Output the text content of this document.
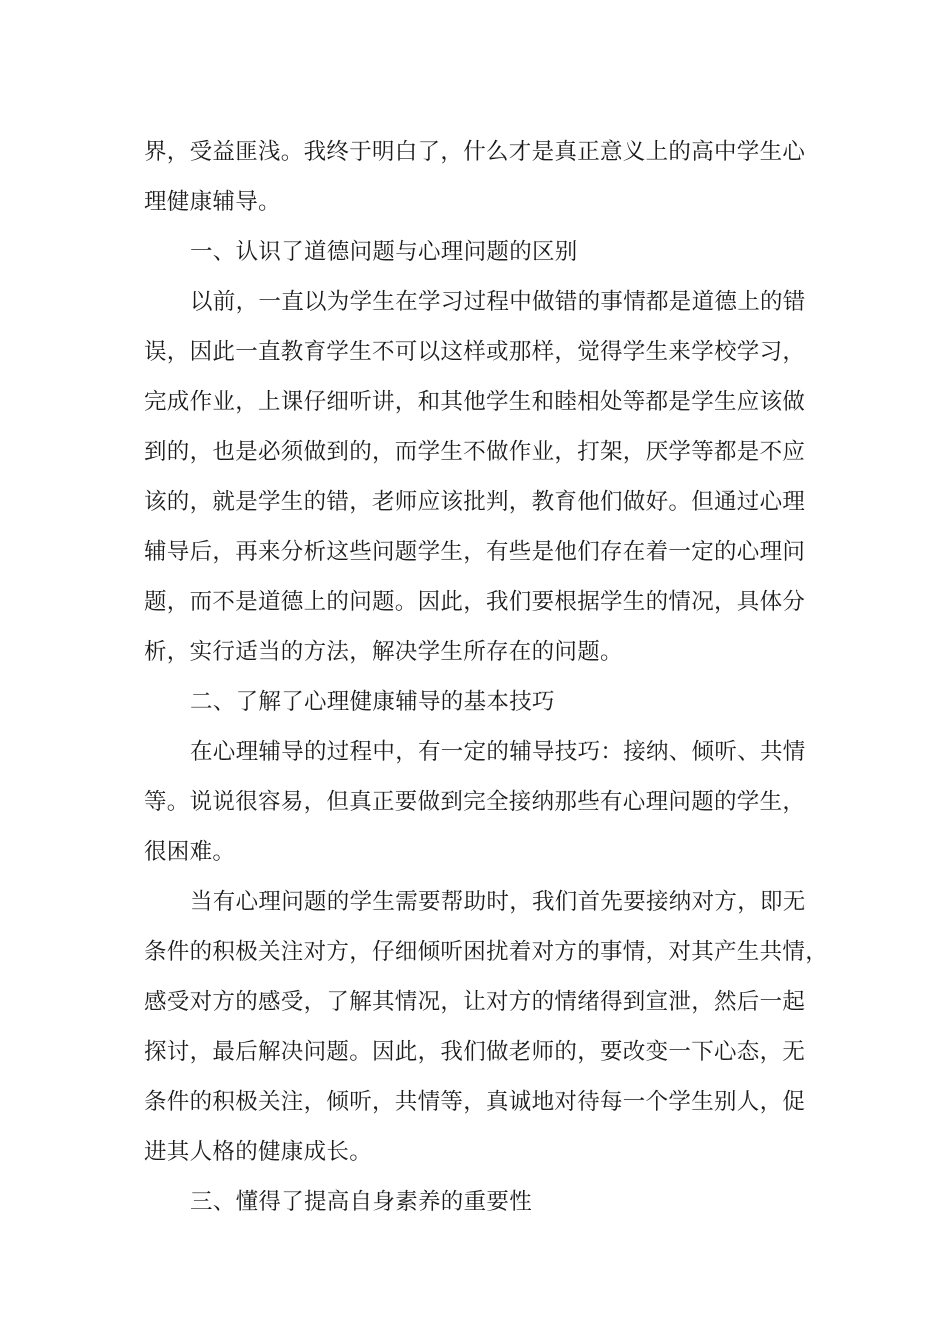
界，受益匪浅。我终于明白了，什么才是真正意义上的高中学生心
理健康辅导。
一、认识了道德问题与心理问题的区别
以前，一直以为学生在学习过程中做错的事情都是道德上的错
误，因此一直教育学生不可以这样或那样，觉得学生来学校学习，
完成作业，上课仔细听讲，和其他学生和睦相处等都是学生应该做
到的，也是必须做到的，而学生不做作业，打架，厌学等都是不应
该的，就是学生的错，老师应该批判，教育他们做好。但通过心理
辅导后，再来分析这些问题学生，有些是他们存在着一定的心理问
题，而不是道德上的问题。因此，我们要根据学生的情况，具体分
析，实行适当的方法，解决学生所存在的问题。
二、了解了心理健康辅导的基本技巧
在心理辅导的过程中，有一定的辅导技巧：接纳、倾听、共情
等。说说很容易，但真正要做到完全接纳那些有心理问题的学生，
很困难。
当有心理问题的学生需要帮助时，我们首先要接纳对方，即无
条件的积极关注对方，仔细倾听困扰着对方的事情，对其产生共情，
感受对方的感受，了解其情况，让对方的情绪得到宣泄，然后一起
探讨，最后解决问题。因此，我们做老师的，要改变一下心态，无
条件的积极关注，倾听，共情等，真诚地对待每一个学生别人，促
进其人格的健康成长。
三、懂得了提高自身素养的重要性
